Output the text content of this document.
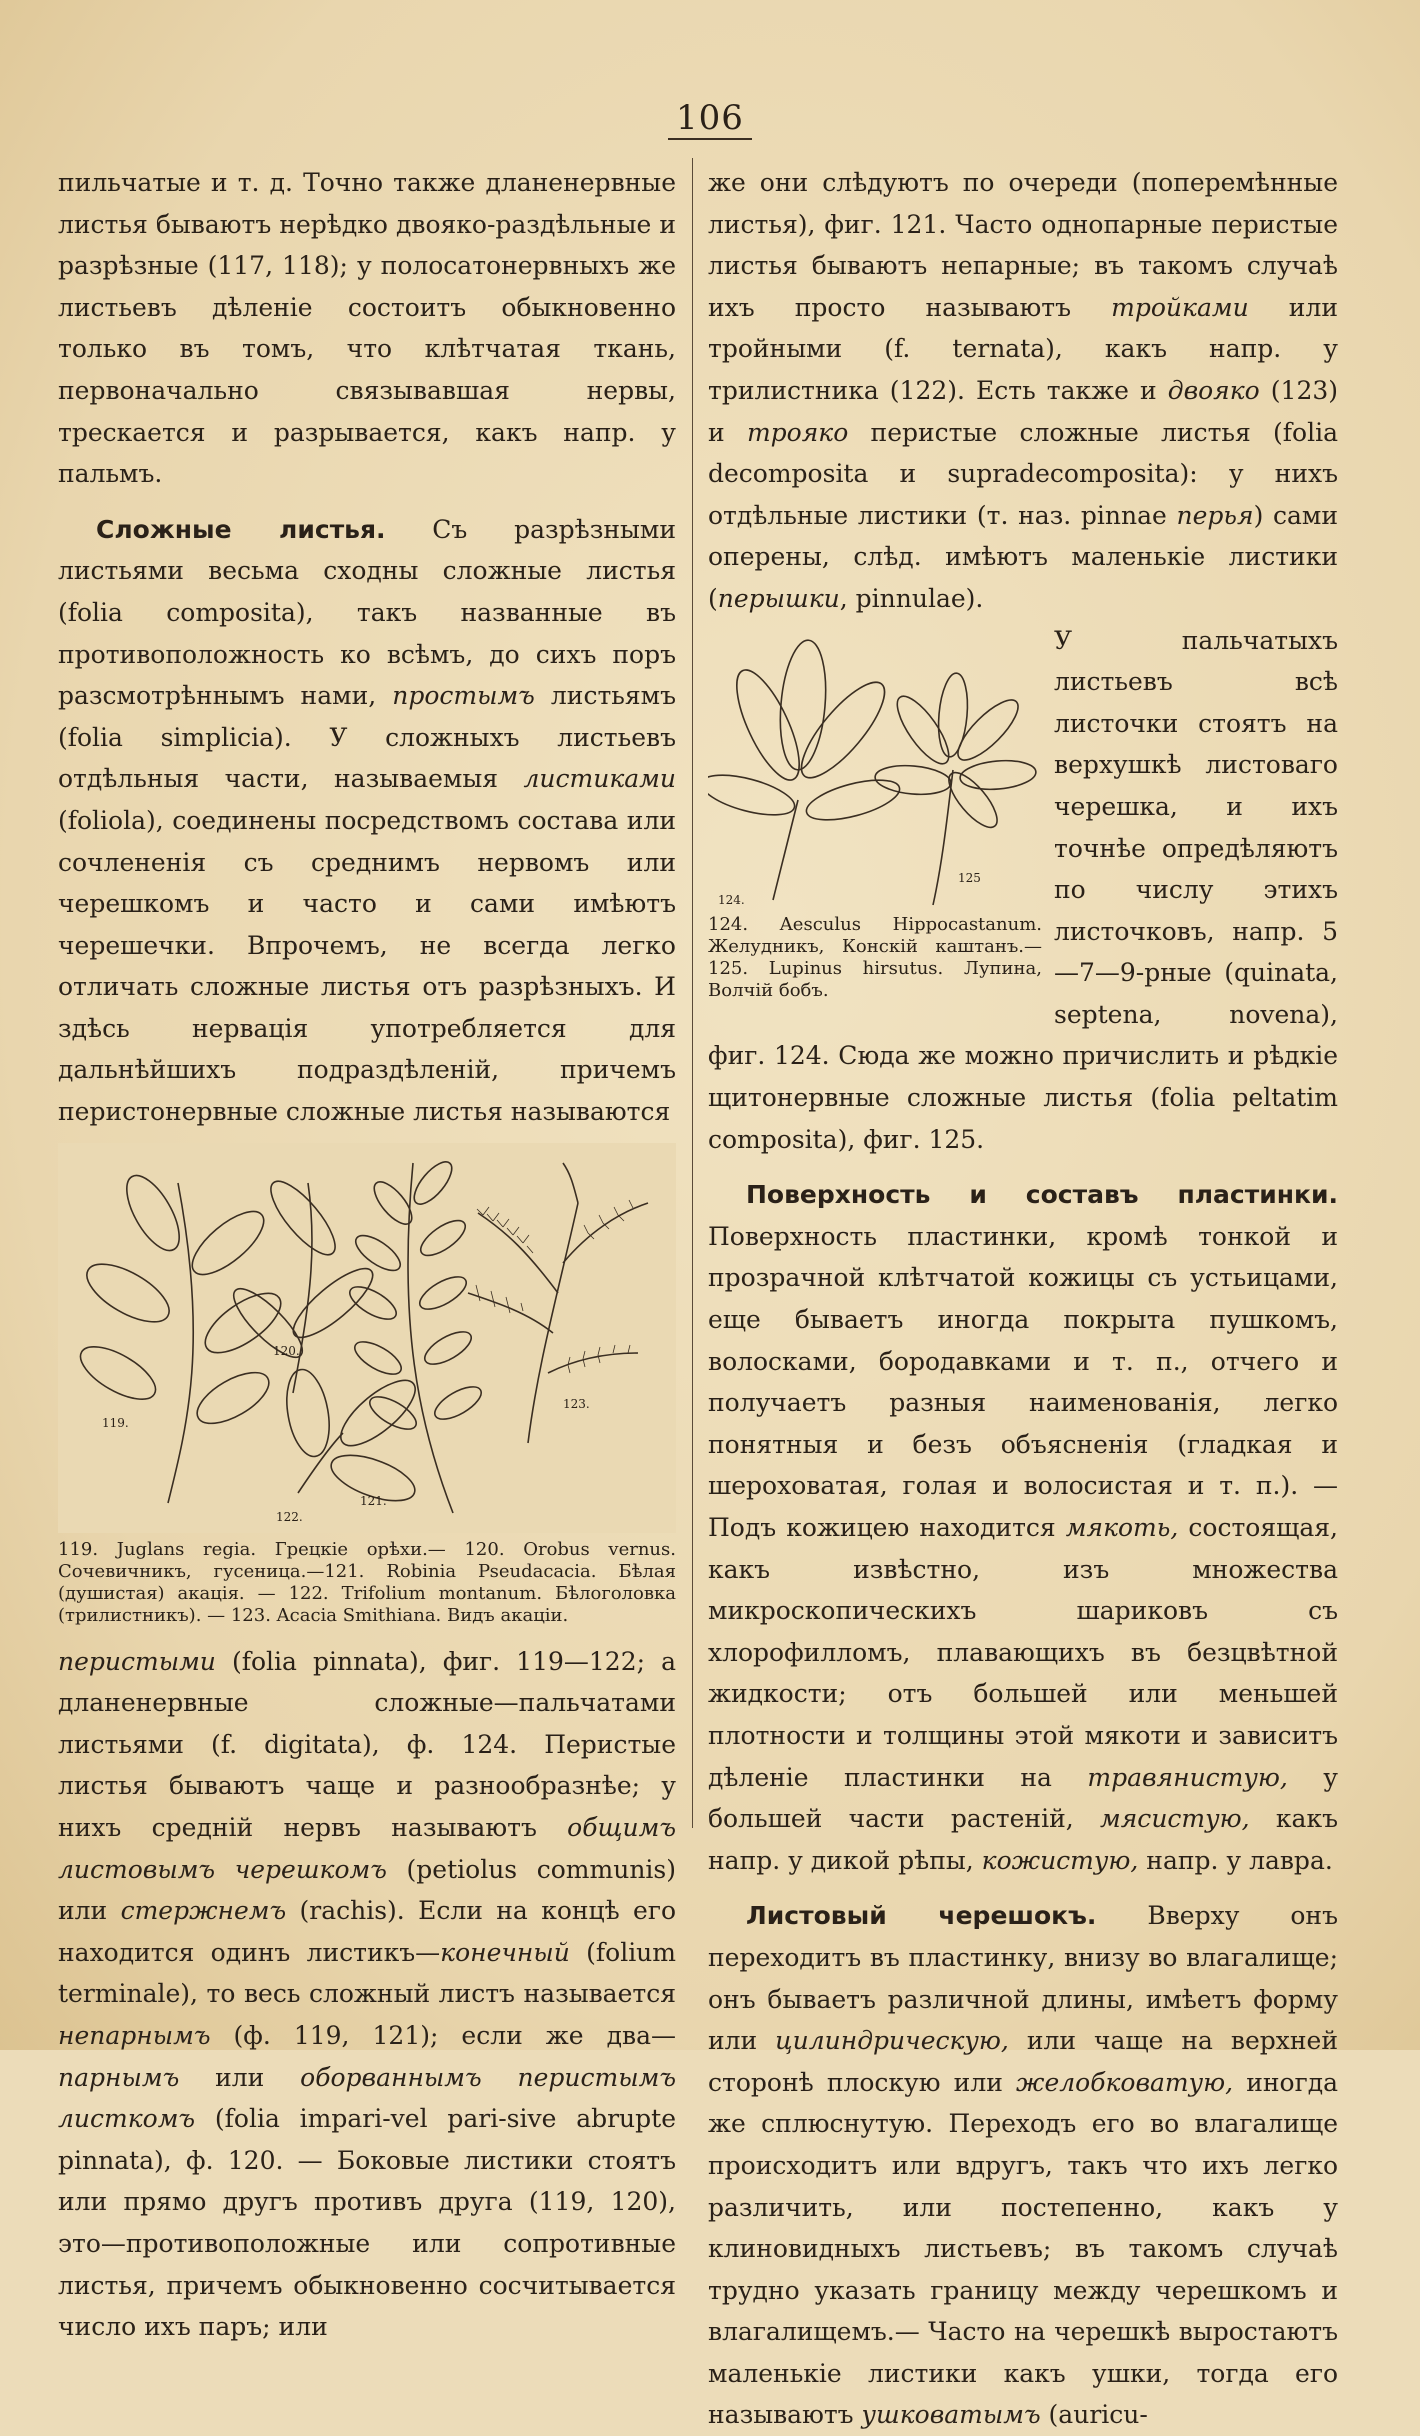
106

пильчатые и т. д. Точно также дланенервные листья бываютъ нерѣдко двояко-раздѣльные и разрѣзные (117, 118); у полосатонервныхъ же листьевъ дѣленіе состоитъ обыкновенно только въ томъ, что клѣтчатая ткань, первоначально связывавшая нервы, трескается и разрывается, какъ напр. у пальмъ.

Сложные листья. Съ разрѣзными листьями весьма сходны сложные листья (folia composita), такъ названные въ противоположность ко всѣмъ, до сихъ поръ разсмотрѣннымъ нами, простымъ листьямъ (folia simplicia). У сложныхъ листьевъ отдѣльныя части, называемыя листиками (foliola), соединены посредствомъ состава или сочлененія съ среднимъ нервомъ или черешкомъ и часто и сами имѣютъ черешечки. Впрочемъ, не всегда легко отличать сложные листья отъ разрѣзныхъ. И здѣсь нервація употребляется для дальнѣйшихъ подраздѣленій, причемъ перистонервные сложные листья называются

119.
120.
121.
122.
123.

119. Juglans regia. Грецкіе орѣхи.— 120. Orobus vernus. Сочевичникъ, гусеница.—121. Robinia Pseudacacia. Бѣлая (душистая) акація. — 122. Trifolium montanum. Бѣлоголовка (трилистникъ). — 123. Acacia Smithiana. Видъ акаціи.

перистыми (folia pinnata), фиг. 119—122; а дланенервные сложные—пальчатами листьями (f. digitata), ф. 124. Перистые листья бываютъ чаще и разнообразнѣе; у нихъ средній нервъ называютъ общимъ листовымъ черешкомъ (petiolus communis) или стержнемъ (rachis). Если на концѣ его находится одинъ листикъ—конечный (folium terminale), то весь сложный листъ называется непарнымъ (ф. 119, 121); если же два—парнымъ или оборваннымъ перистымъ листкомъ (folia impari-vel pari-sive abrupte pinnata), ф. 120. — Боковые листики стоятъ или прямо другъ противъ друга (119, 120), это—противоположные или сопротивные листья, причемъ обыкновенно сосчитывается число ихъ паръ; или

же они слѣдуютъ по очереди (поперемѣнные листья), фиг. 121. Часто однопарные перистые листья бываютъ непарные; въ такомъ случаѣ ихъ просто называютъ тройками или тройными (f. ternata), какъ напр. у трилистника (122). Есть также и двояко (123) и трояко перистые сложные листья (folia decomposita и supradecomposita): у нихъ отдѣльные листики (т. наз. pinnae перья) сами оперены, слѣд. имѣютъ маленькіе листики (перышки, pinnulae).

124.
125

124. Aesculus Hippocastanum. Желудникъ, Конскій каштанъ.—125. Lupinus hirsutus. Лупина, Волчій бобъ.

У пальчатыхъ листьевъ всѣ листочки стоятъ на верхушкѣ листоваго черешка, и ихъ точнѣе опредѣляютъ по числу этихъ листочковъ, напр. 5—7—9-рные (quinata, septena, novena), фиг. 124. Сюда же можно причислить и рѣдкіе щитонервные сложные листья (folia peltatim composita), фиг. 125.

Поверхность и составъ пластинки. Поверхность пластинки, кромѣ тонкой и прозрачной клѣтчатой кожицы съ устьицами, еще бываетъ иногда покрыта пушкомъ, волосками, бородавками и т. п., отчего и получаетъ разныя наименованія, легко понятныя и безъ объясненія (гладкая и шероховатая, голая и волосистая и т. п.). — Подъ кожицею находится мякоть, состоящая, какъ извѣстно, изъ множества микроскопическихъ шариковъ съ хлорофилломъ, плавающихъ въ безцвѣтной жидкости; отъ большей или меньшей плотности и толщины этой мякоти и зависитъ дѣленіе пластинки на травянистую, у большей части растеній, мясистую, какъ напр. у дикой рѣпы, кожистую, напр. у лавра.

Листовый черешокъ. Вверху онъ переходитъ въ пластинку, внизу во влагалище; онъ бываетъ различной длины, имѣетъ форму или цилиндрическую, или чаще на верхней сторонѣ плоскую или желобковатую, иногда же сплюснутую. Переходъ его во влагалище происходитъ или вдругъ, такъ что ихъ легко различить, или постепенно, какъ у клиновидныхъ листьевъ; въ такомъ случаѣ трудно указать границу между черешкомъ и влагалищемъ.— Часто на черешкѣ выростаютъ маленькіе листики какъ ушки, тогда его называютъ ушковатымъ (auricu-
